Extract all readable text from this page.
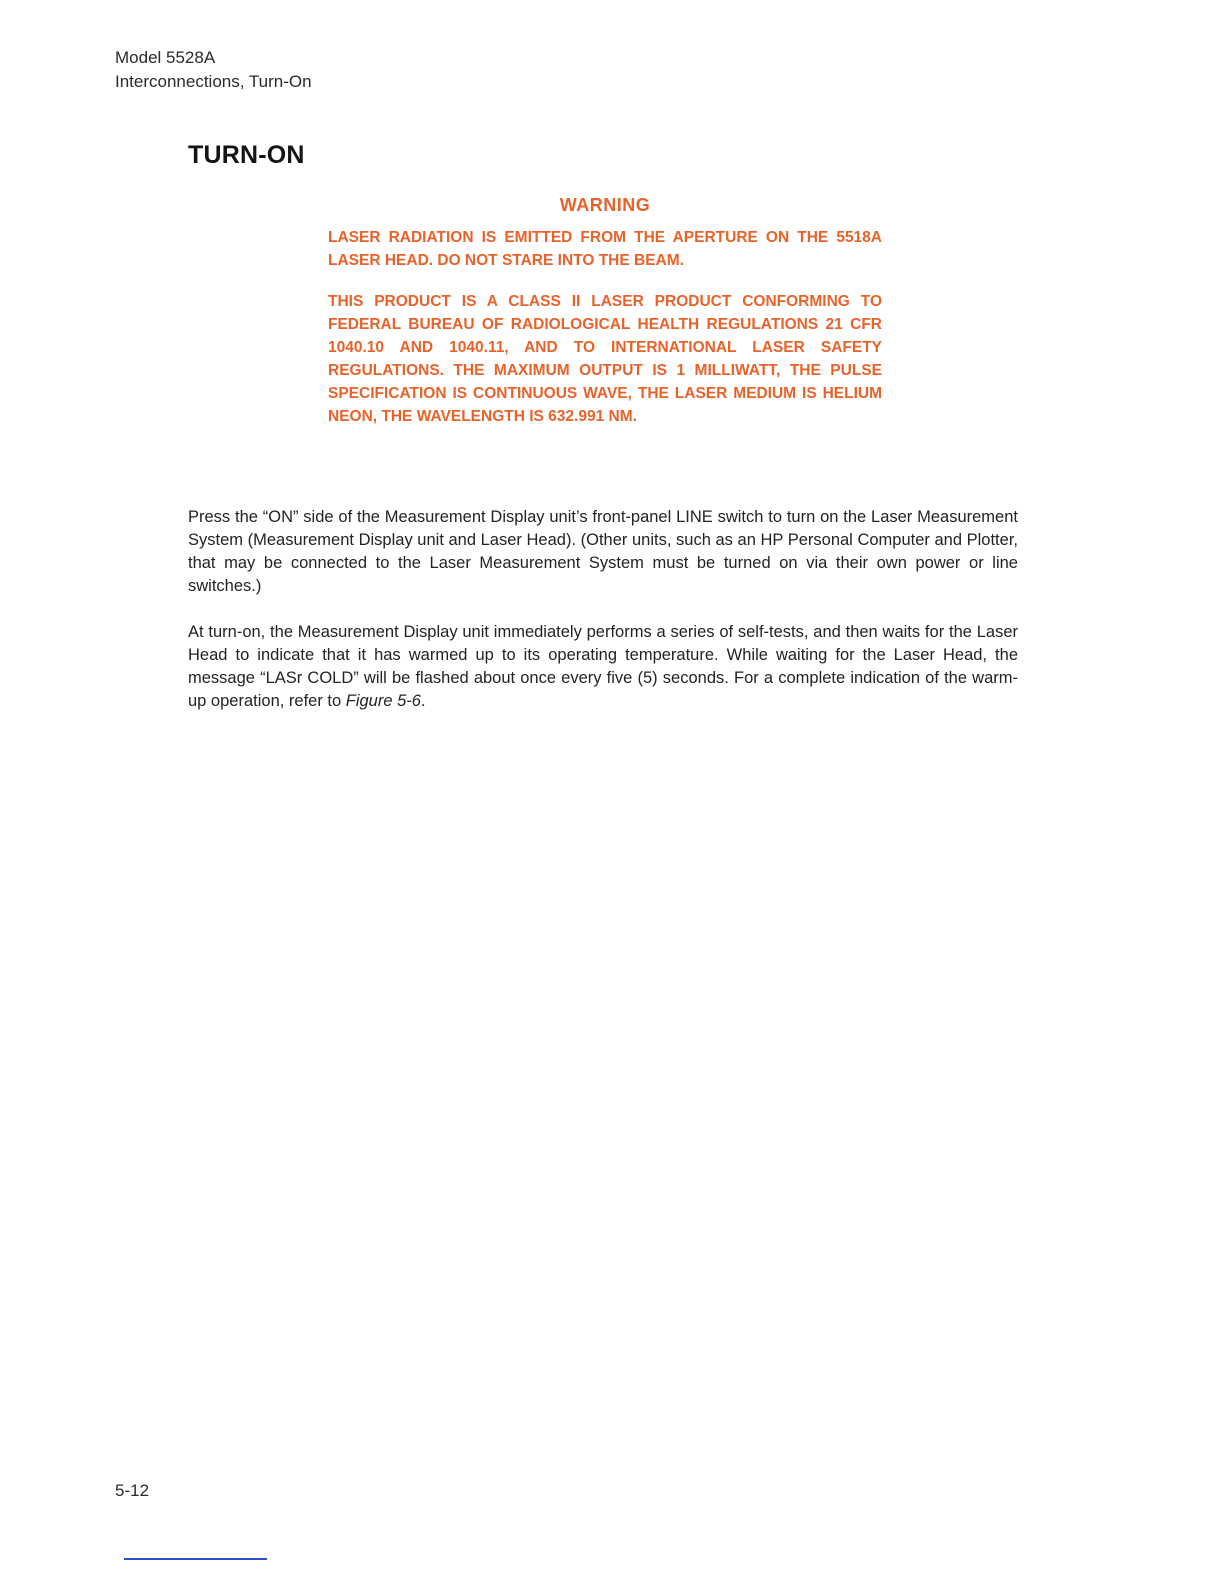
Model 5528A
Interconnections, Turn-On
TURN-ON
WARNING

LASER RADIATION IS EMITTED FROM THE APERTURE ON THE 5518A LASER HEAD. DO NOT STARE INTO THE BEAM.

THIS PRODUCT IS A CLASS II LASER PRODUCT CONFORMING TO FEDERAL BUREAU OF RADIOLOGICAL HEALTH REGULATIONS 21 CFR 1040.10 AND 1040.11, AND TO INTERNATIONAL LASER SAFETY REGULATIONS. THE MAXIMUM OUTPUT IS 1 MILLIWATT, THE PULSE SPECIFICATION IS CONTINUOUS WAVE, THE LASER MEDIUM IS HELIUM NEON, THE WAVELENGTH IS 632.991 NM.

Press the “ON” side of the Measurement Display unit’s front-panel LINE switch to turn on the Laser Measurement System (Measurement Display unit and Laser Head). (Other units, such as an HP Personal Computer and Plotter, that may be connected to the Laser Measurement System must be turned on via their own power or line switches.)

At turn-on, the Measurement Display unit immediately performs a series of self-tests, and then waits for the Laser Head to indicate that it has warmed up to its operating temperature. While waiting for the Laser Head, the message “LASr COLD” will be flashed about once every five (5) seconds. For a complete indication of the warm-up operation, refer to Figure 5-6.

5-12
